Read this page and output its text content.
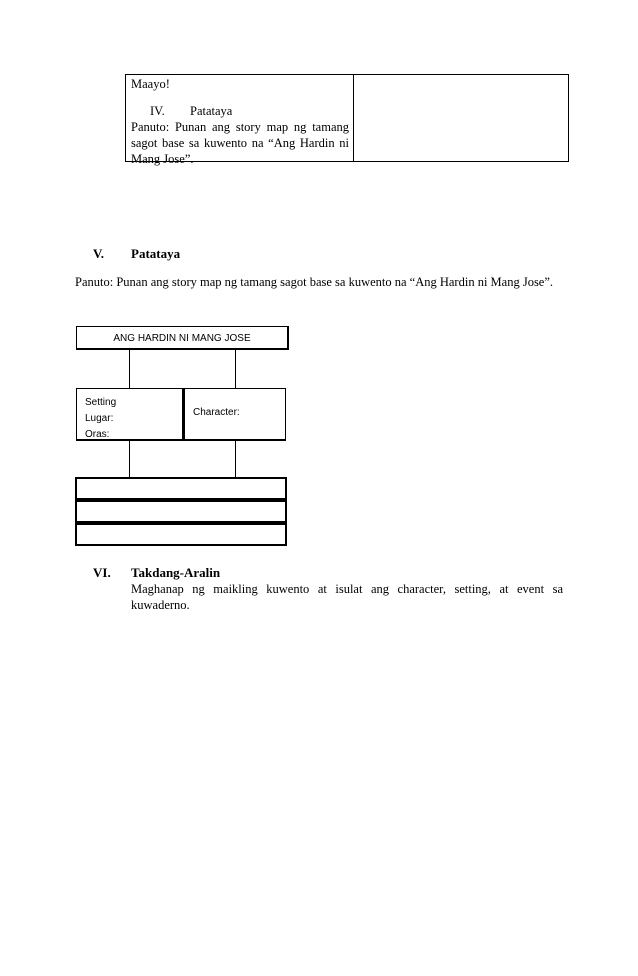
Maayo!
IV. Patataya
Panuto: Punan ang story map ng tamang sagot base sa kuwento na “Ang Hardin ni Mang Jose”.
V. Patataya
Panuto: Punan ang story map ng tamang sagot base sa kuwento na “Ang Hardin ni Mang Jose”.
ANG HARDIN NI MANG JOSE
Setting
Lugar:
Oras:
Character:
VI. Takdang-Aralin
Maghanap ng maikling kuwento at isulat ang character, setting, at event sa kuwaderno.
